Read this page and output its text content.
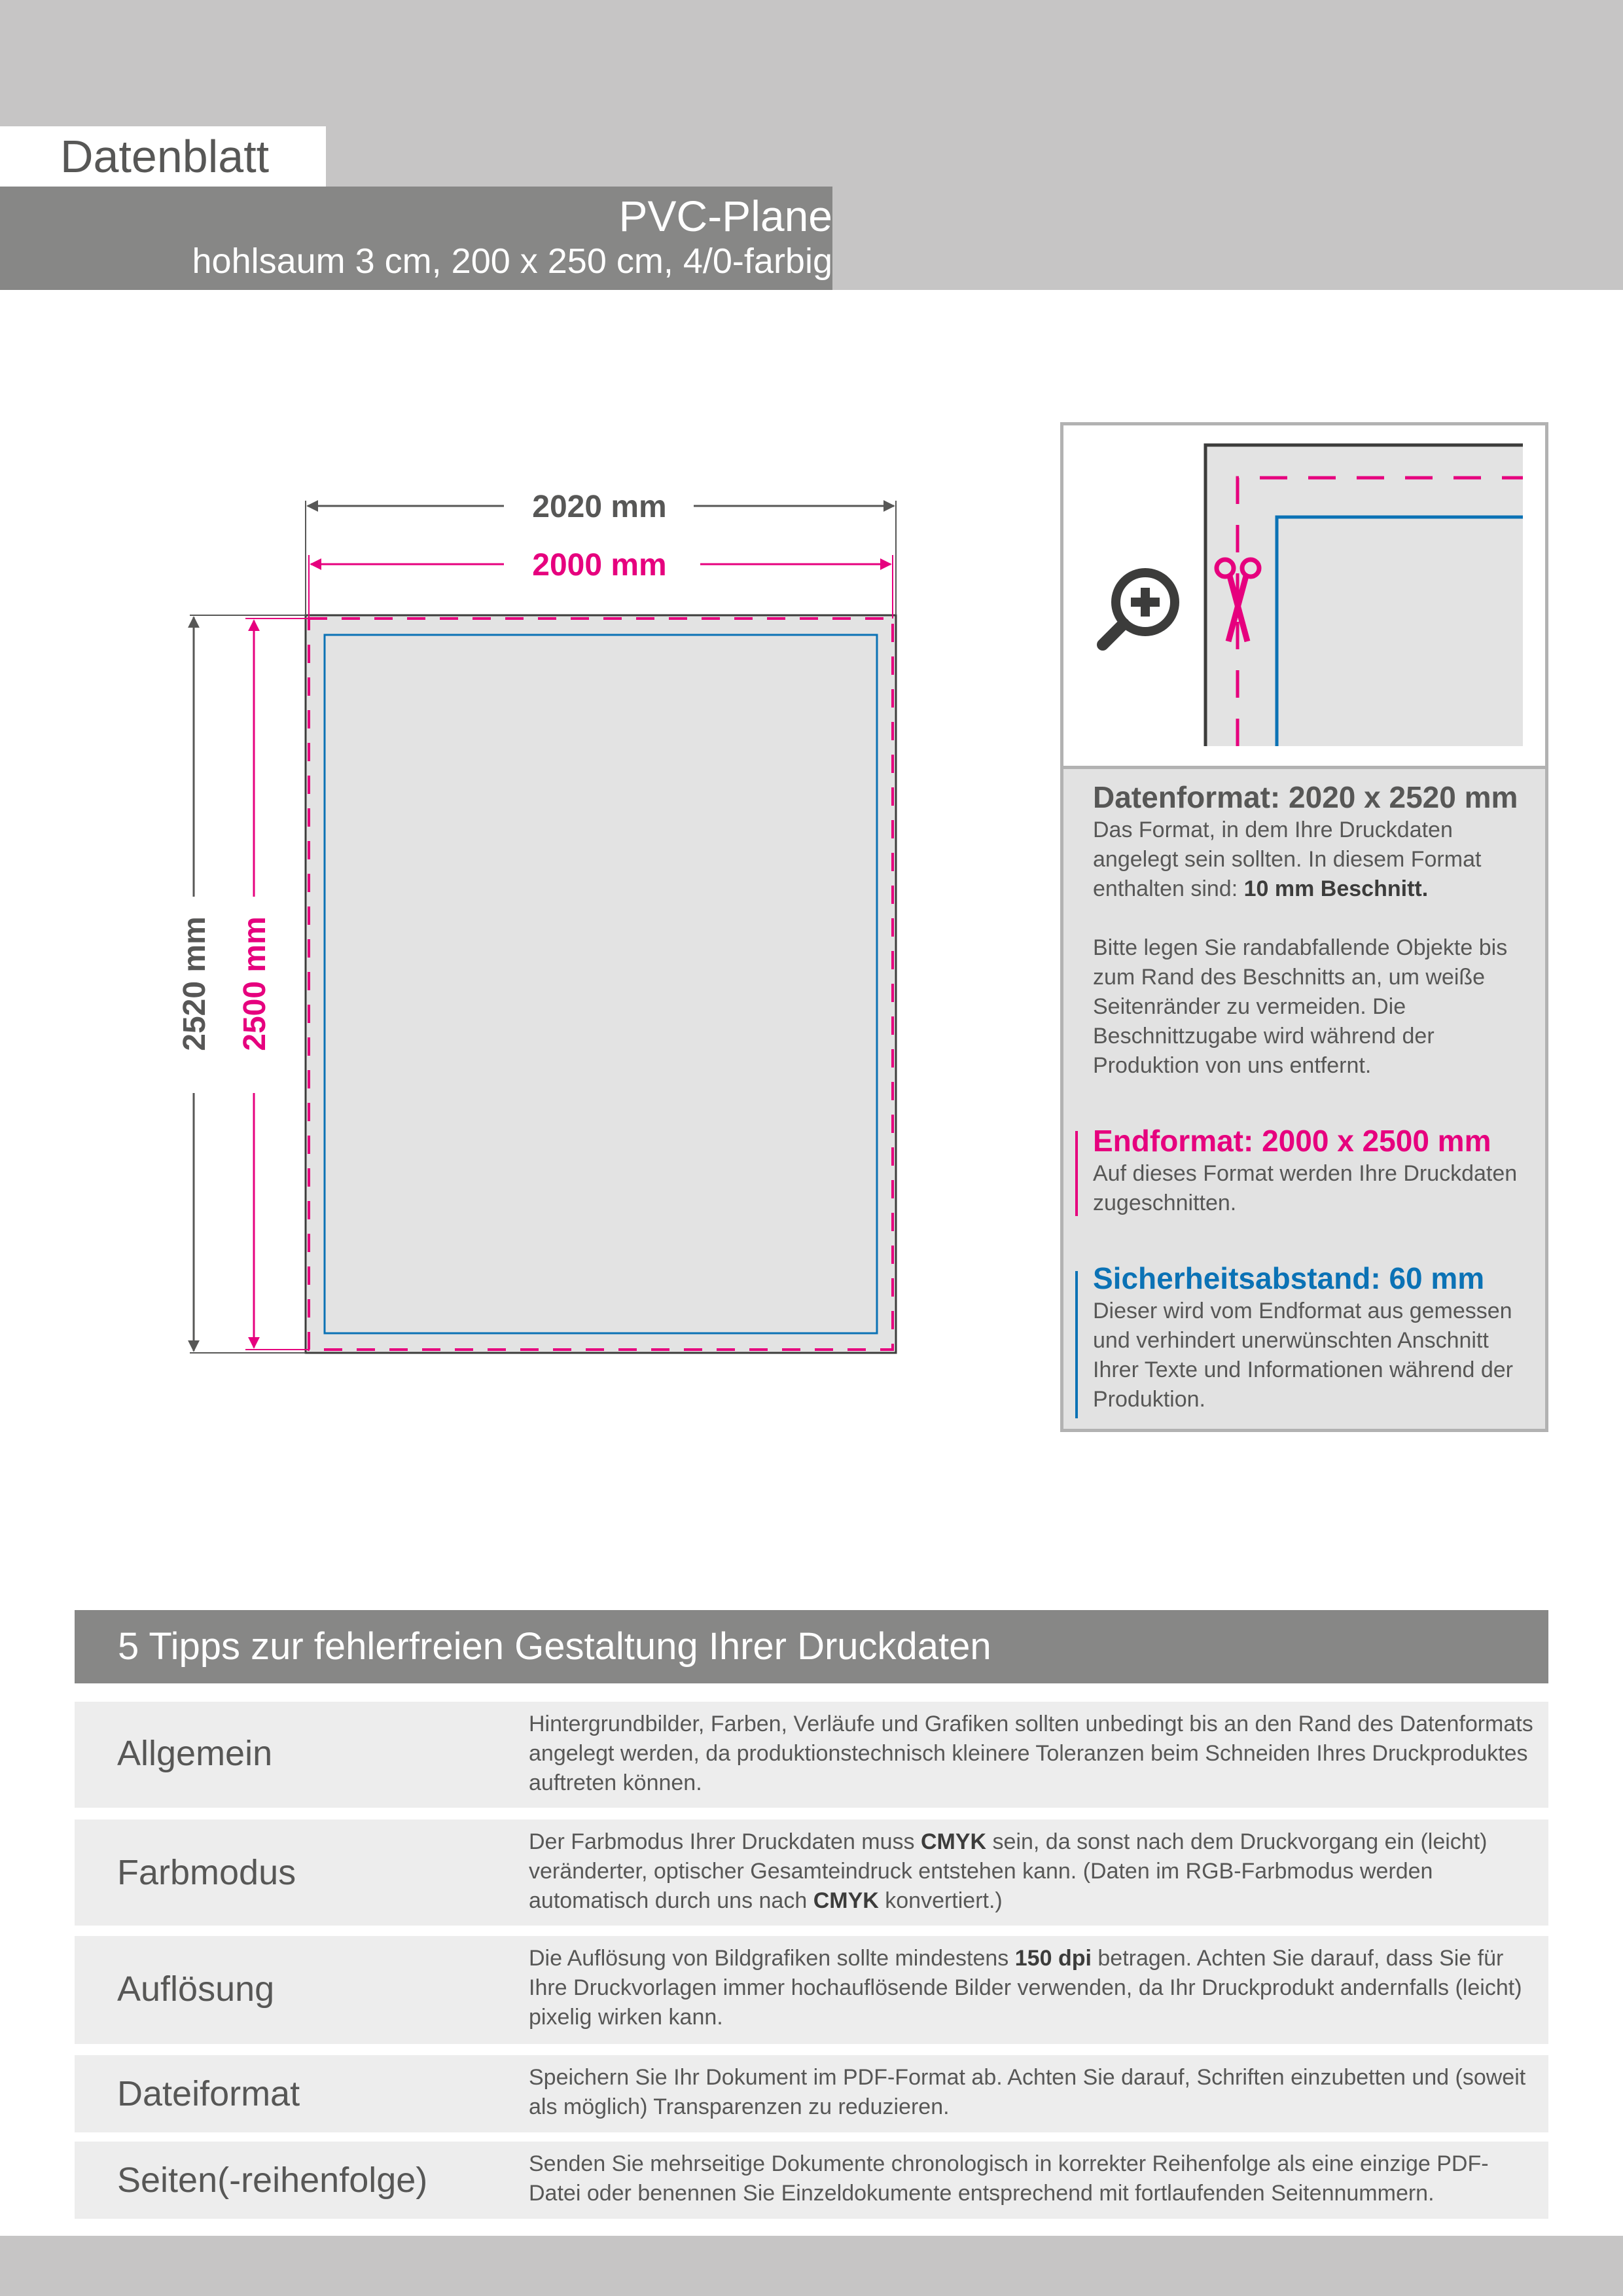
Datenblatt
PVC-Plane
hohlsaum 3 cm, 200 x 250 cm, 4/0-farbig
2020 mm
2000 mm
2520 mm 2500 mm
Datenformat: 2020 x 2520 mm
Das Format, in dem Ihre Druckdaten angelegt sein sollten. In diesem Format enthalten sind: 10 mm Beschnitt.
Bitte legen Sie randabfallende Objekte bis zum Rand des Beschnitts an, um weiße Seitenränder zu vermeiden. Die Beschnittzugabe wird während der Produktion von uns entfernt.
Endformat: 2000 x 2500 mm
Auf dieses Format werden Ihre Druckdaten zugeschnitten.
Sicherheitsabstand: 60 mm
Dieser wird vom Endformat aus gemessen und verhindert unerwünschten Anschnitt Ihrer Texte und Informationen während der Produktion.
5 Tipps zur fehlerfreien Gestaltung Ihrer Druckdaten
Allgemein
Hintergrundbilder, Farben, Verläufe und Grafiken sollten unbedingt bis an den Rand des Datenformats angelegt werden, da produktionstechnisch kleinere Toleranzen beim Schneiden Ihres Druckproduktes auftreten können.
Farbmodus
Der Farbmodus Ihrer Druckdaten muss CMYK sein, da sonst nach dem Druckvorgang ein (leicht) veränderter, optischer Gesamteindruck entstehen kann. (Daten im RGB-Farbmodus werden automatisch durch uns nach CMYK konvertiert.)
Auflösung
Die Auflösung von Bildgrafiken sollte mindestens 150 dpi betragen. Achten Sie darauf, dass Sie für Ihre Druckvorlagen immer hochauflösende Bilder verwenden, da Ihr Druckprodukt andernfalls (leicht) pixelig wirken kann.
Dateiformat	Speichern Sie Ihr Dokument im PDF-Format ab. Achten Sie darauf, Schriften einzubetten und (soweit als möglich) Transparenzen zu reduzieren.
Seiten(-reihenfolge)	Senden Sie mehrseitige Dokumente chronologisch in korrekter Reihenfolge als eine einzige PDF-Datei oder benennen Sie Einzeldokumente entsprechend mit fortlaufenden Seitennummern.
